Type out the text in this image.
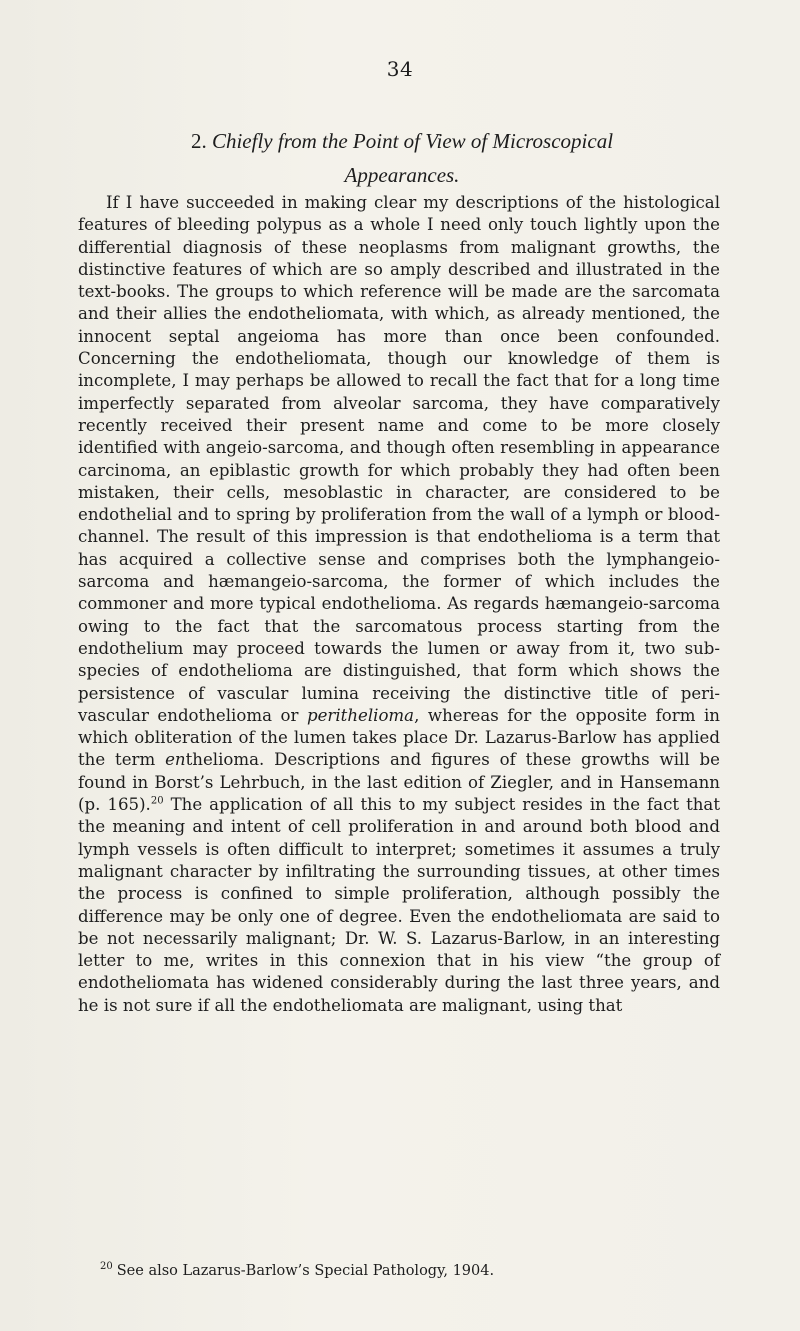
34
2. Chiefly from the Point of View of Microscopical
Appearances.

If I have succeeded in making clear my descriptions of the histological features of bleeding polypus as a whole I need only touch lightly upon the differential diagnosis of these neoplasms from malignant growths, the distinctive features of which are so amply described and illustrated in the text-books. The groups to which reference will be made are the sarcomata and their allies the endotheliomata, with which, as already mentioned, the innocent septal angeioma has more than once been confounded. Concerning the endotheliomata, though our knowledge of them is incomplete, I may perhaps be allowed to recall the fact that for a long time imperfectly separated from alveolar sarcoma, they have comparatively recently received their present name and come to be more closely identified with angeio-sarcoma, and though often resembling in appearance carcinoma, an epiblastic growth for which probably they had often been mistaken, their cells, mesoblastic in character, are considered to be endothelial and to spring by proliferation from the wall of a lymph or blood-channel. The result of this impression is that endothelioma is a term that has acquired a collective sense and comprises both the lymphangeio-sarcoma and hæmangeio-sarcoma, the former of which includes the commoner and more typical endothelioma. As regards hæmangeio-sarcoma owing to the fact that the sarcomatous process starting from the endothelium may proceed towards the lumen or away from it, two sub-species of endothelioma are distinguished, that form which shows the persistence of vascular lumina receiving the distinctive title of peri-vascular endothelioma or peritheliomа, whereas for the opposite form in which obliteration of the lumen takes place Dr. Lazarus-Barlow has applied the term enthelioma. Descriptions and figures of these growths will be found in Borst’s Lehrbuch, in the last edition of Ziegler, and in Hansemann (p. 165).$^{20}$ The application of all this to my subject resides in the fact that the meaning and intent of cell proliferation in and around both blood and lymph vessels is often difficult to interpret; sometimes it assumes a truly malignant character by infiltrating the surrounding tissues, at other times the process is confined to simple proliferation, although possibly the difference may be only one of degree. Even the endotheliomata are said to be not necessarily malignant; Dr. W. S. Lazarus-Barlow, in an interesting letter to me, writes in this connexion that in his view “the group of endotheliomata has widened considerably during the last three years, and he is not sure if all the endotheliomata are malignant, using that

$^{20}$ See also Lazarus-Barlow’s Special Pathology, 1904.
